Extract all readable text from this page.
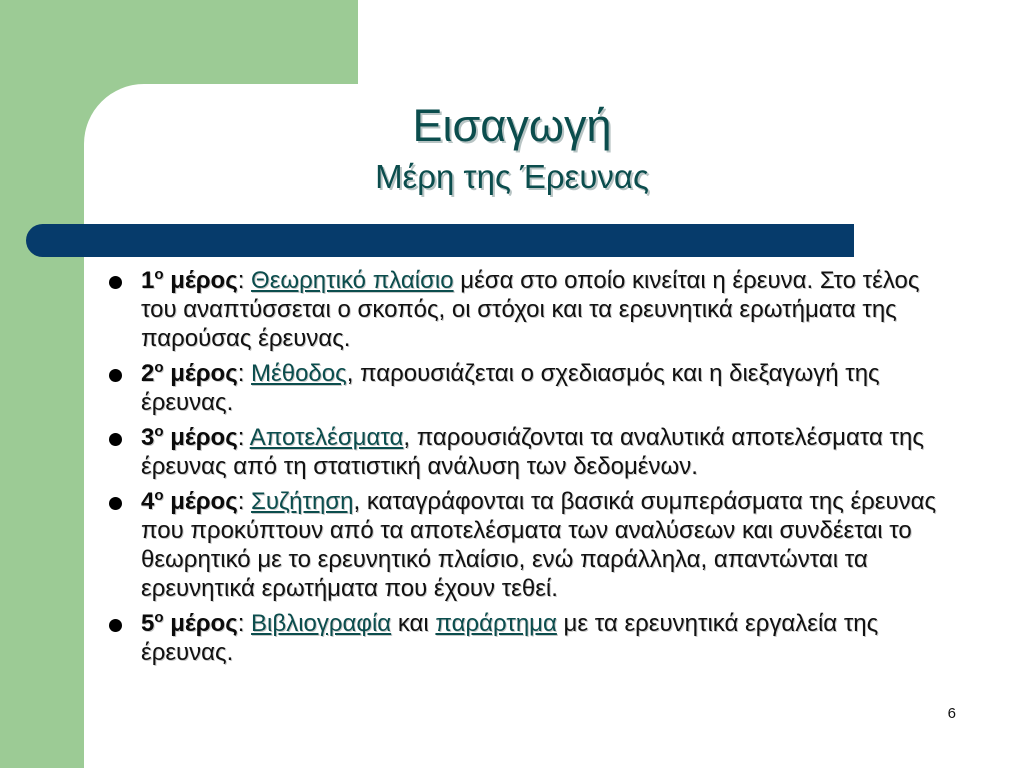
Εισαγωγή
Μέρη της Έρευνας
$1^o$ μέρος: Θεωρητικό πλαίσιο μέσα στο οποίο κινείται η έρευνα. Στο τέλος του αναπτύσσεται ο σκοπός, οι στόχοι και τα ερευνητικά ερωτήματα της παρούσας έρευνας.
$2^o$ μέρος: Μέθοδος, παρουσιάζεται ο σχεδιασμός και η διεξαγωγή της έρευνας.
$3^o$ μέρος: Αποτελέσματα, παρουσιάζονται τα αναλυτικά αποτελέσματα της έρευνας από τη στατιστική ανάλυση των δεδομένων.
$4^o$ μέρος: Συζήτηση, καταγράφονται τα βασικά συμπεράσματα της έρευνας που προκύπτουν από τα αποτελέσματα των αναλύσεων και συνδέεται το θεωρητικό με το ερευνητικό πλαίσιο, ενώ παράλληλα, απαντώνται τα ερευνητικά ερωτήματα που έχουν τεθεί.
$5^o$ μέρος: Βιβλιογραφία και παράρτημα με τα ερευνητικά εργαλεία της έρευνας.
6
